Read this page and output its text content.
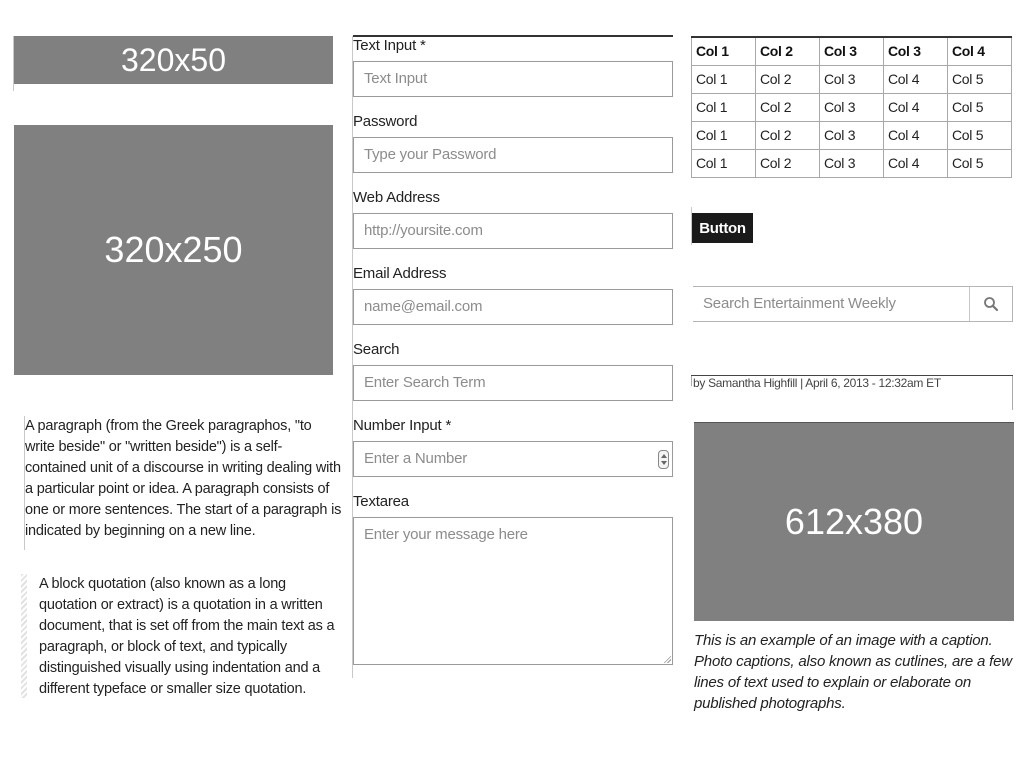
320x50
320x250

A paragraph (from the Greek paragraphos, "to write beside" or "written beside") is a self-contained unit of a discourse in writing dealing with a particular point or idea. A paragraph consists of one or more sentences. The start of a paragraph is indicated by beginning on a new line.

A block quotation (also known as a long quotation or extract) is a quotation in a written document, that is set off from the main text as a paragraph, or block of text, and typically distinguished visually using indentation and a different typeface or smaller size quotation.
Text Input *
Text Input
Password
Type your Password
Web Address
http://yoursite.com
Email Address
name@email.com
Search
Enter Search Term
Number Input *
Enter a Number
Textarea
Enter your message here
Col 1	Col 2	Col 3	Col 3	Col 4
Col 1	Col 2	Col 3	Col 4	Col 5
Col 1	Col 2	Col 3	Col 4	Col 5
Col 1	Col 2	Col 3	Col 4	Col 5
Col 1	Col 2	Col 3	Col 4	Col 5
Button
Search Entertainment Weekly
by Samantha Highfill | April 6, 2013 - 12:32am ET
612x380

This is an example of an image with a caption. Photo captions, also known as cutlines, are a few lines of text used to explain or elaborate on published photographs.
